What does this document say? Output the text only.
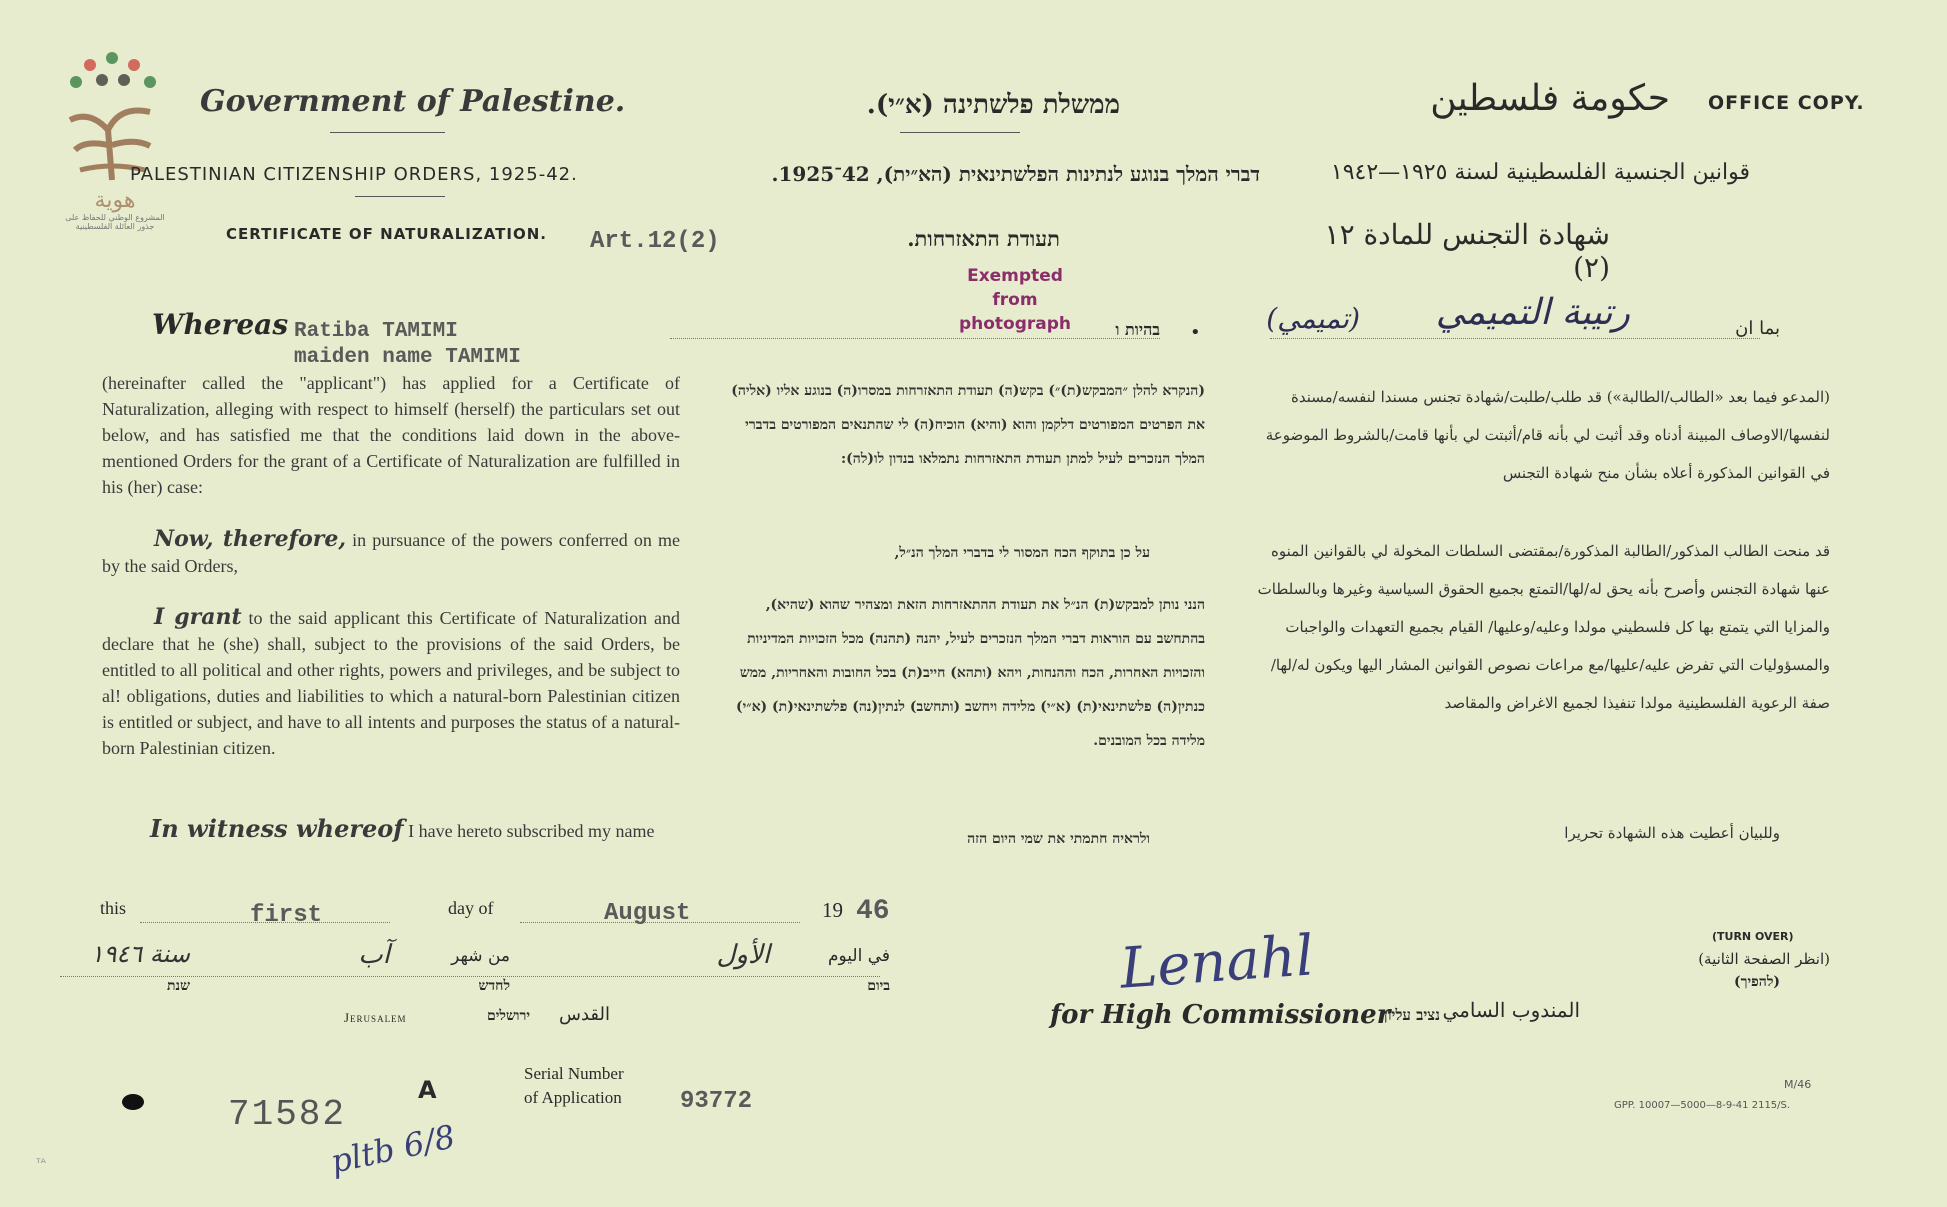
هوية
المشروع الوطني للحفاظ على
جذور العائلة الفلسطينية
Government of Palestine.	ממשלת פלשתינה (א״י).	حكومة فلسطين OFFICE COPY.
PALESTINIAN CITIZENSHIP ORDERS, 1925-42.	דברי המלך בנוגע לנתינות הפלשתינאית (הא״ית), 42־1925.	قوانين الجنسية الفلسطينية لسنة ١٩٢٥—١٩٤٢
CERTIFICATE OF NATURALIZATION. Art.12(2)	תעודת התאזרחות.	شهادة التجنس للمادة ١٢ (٢)
Exempted
from
photograph
Whereas Ratiba TAMIMI
maiden name TAMIMI
בהיות ו •	رتيبة التميمي
(تميمي)	بما ان
(hereinafter called the "applicant") has applied for a Certificate of Naturalization, alleging with respect to himself (herself) the particulars set out below, and has satisfied me that the conditions laid down in the above-mentioned Orders for the grant of a Certificate of Naturalization are fulfilled in his (her) case:
Now, therefore, in pursuance of the powers conferred on me by the said Orders,
I grant to the said applicant this Certificate of Naturalization and declare that he (she) shall, subject to the provisions of the said Orders, be entitled to all political and other rights, powers and privileges, and be subject to al! obligations, duties and liabilities to which a natural-born Palestinian citizen is entitled or subject, and have to all intents and purposes the status of a natural-born Palestinian citizen.
In witness whereof I have hereto subscribed my name
(הנקרא להלן ״המבקש(ת)״) בקש(ה) תעודת התאזרחות במסרו(ה) בנוגע אליו (אליה) את הפרטים המפורטים דלקמן והוא (והיא) הוכיח(ה) לי שהתנאים המפורטים בדברי המלך הנזכרים לעיל למתן תעודת התאזרחות נתמלאו בנדון לו(לה):
על כן בתוקף הכח המסור לי בדברי המלך הנ״ל,
הנני נותן למבקש(ת) הנ״ל את תעודת ההתאזרחות הזאת ומצהיר שהוא (שהיא), בהתחשב עם הוראות דברי המלך הנזכרים לעיל, יהנה (תהנה) מכל הזכויות המדיניות והזכויות האחרות, הכח וההנחות, ויהא (ותהא) חייב(ת) בכל החובות והאחריות, ממש כנתין(ה) פלשתינאי(ת) (א״י) מלידה ויחשב (ותחשב) לנתין(נה) פלשתינאי(ת) (א״י) מלידה בכל המובנים.
ולראיה חתמתי את שמי היום הזה
(المدعو فيما بعد «الطالب/الطالبة») قد طلب/طلبت/شهادة تجنس مسندا لنفسه/مسندة لنفسها/الاوصاف المبينة أدناه وقد أثبت لي بأنه قام/أثبتت لي بأنها قامت/بالشروط الموضوعة في القوانين المذكورة أعلاه بشأن منح شهادة التجنس
قد منحت الطالب المذكور/الطالبة المذكورة/بمقتضى السلطات المخولة لي بالقوانين المنوه عنها شهادة التجنس وأصرح بأنه يحق له/لها/التمتع بجميع الحقوق السياسية وغيرها وبالسلطات والمزايا التي يتمتع بها كل فلسطيني مولدا وعليه/وعليها/ القيام بجميع التعهدات والواجبات والمسؤوليات التي تفرض عليه/عليها/مع مراعات نصوص القوانين المشار اليها ويكون له/لها/ صفة الرعوية الفلسطينية مولدا تنفيذا لجميع الاغراض والمقاصد
وللبيان أعطيت هذه الشهادة تحريرا
this	first	day of	August	19 46
سنة ١٩٤٦	آب	من شهر	الأول	في اليوم
שנת	לחדש	ביום
Jerusalem	ירושלים	القدس
Lenahl
for High Commissioner
נציב עליון المندوب السامي
(TURN OVER)
(انظر الصفحة الثانية)
(להפיך)
71582
A
pltb 6/8
Serial Number
of Application 93772
M/46
GPP. 10007—5000—8-9-41 2115/S.
ᵀᴬ
